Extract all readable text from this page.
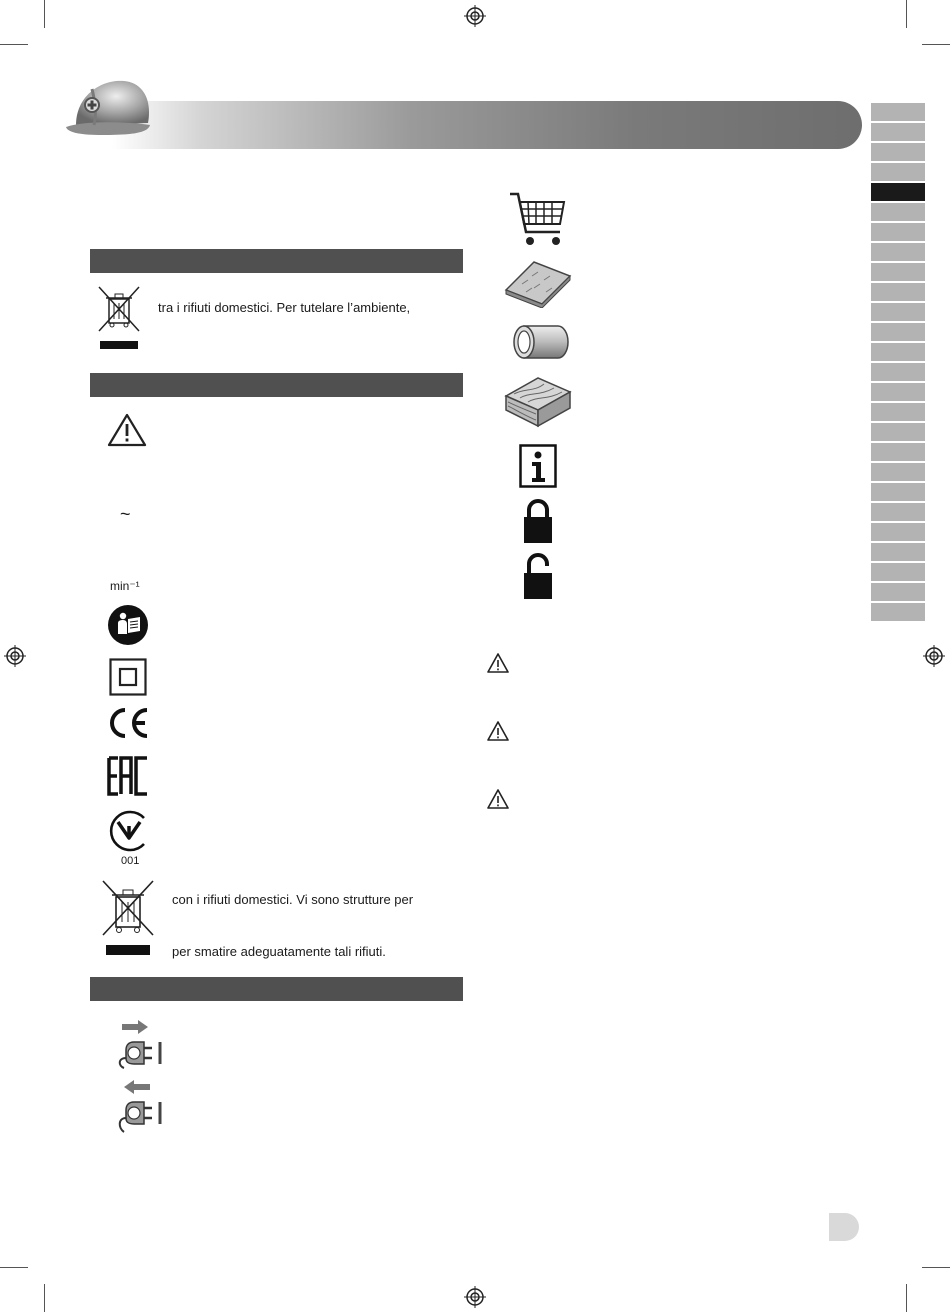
tra i rifiuti domestici. Per tutelare l’ambiente,
~
min⁻¹
001
con i rifiuti domestici. Vi sono strutture per
per smatire adeguatamente tali rifiuti.
